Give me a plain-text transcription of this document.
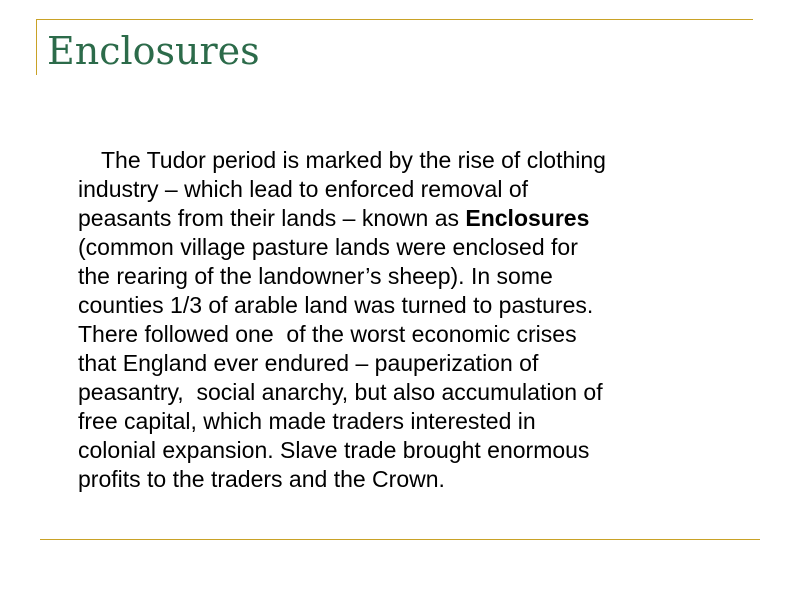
Enclosures

The Tudor period is marked by the rise of clothing
industry – which lead to enforced removal of
peasants from their lands – known as Enclosures
(common village pasture lands were enclosed for
the rearing of the landowner’s sheep). In some
counties 1/3 of arable land was turned to pastures.
There followed one  of the worst economic crises
that England ever endured – pauperization of
peasantry,  social anarchy, but also accumulation of
free capital, which made traders interested in
colonial expansion. Slave trade brought enormous
profits to the traders and the Crown.
